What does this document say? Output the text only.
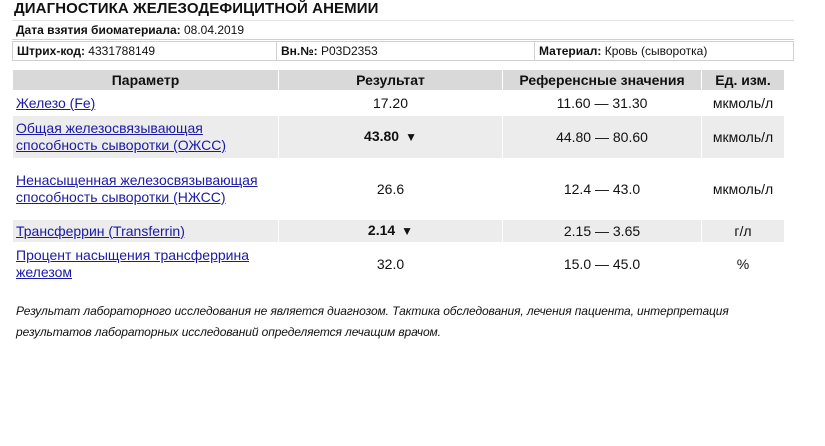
ДИАГНОСТИКА ЖЕЛЕЗОДЕФИЦИТНОЙ АНЕМИИ
Дата взятия биоматериала: 08.04.2019
Штрих-код: 4331788149	Вн.№: P03D2353	Материал: Кровь (сыворотка)
Параметр	Результат	Референсные значения	Ед. изм.
Железо (Fe)	17.20	11.60 — 31.30	мкмоль/л
Общая железосвязывающая способность сыворотки (ОЖСС)	43.80 ▼	44.80 — 80.60	мкмоль/л
Ненасыщенная железосвязывающая способность сыворотки (НЖСС)	26.6	12.4 — 43.0	мкмоль/л
Трансферрин (Transferrin)	2.14 ▼	2.15 — 3.65	г/л
Процент насыщения трансферрина железом	32.0	15.0 — 45.0	%
Результат лабораторного исследования не является диагнозом. Тактика обследования, лечения пациента, интерпретация результатов лабораторных исследований определяется лечащим врачом.
